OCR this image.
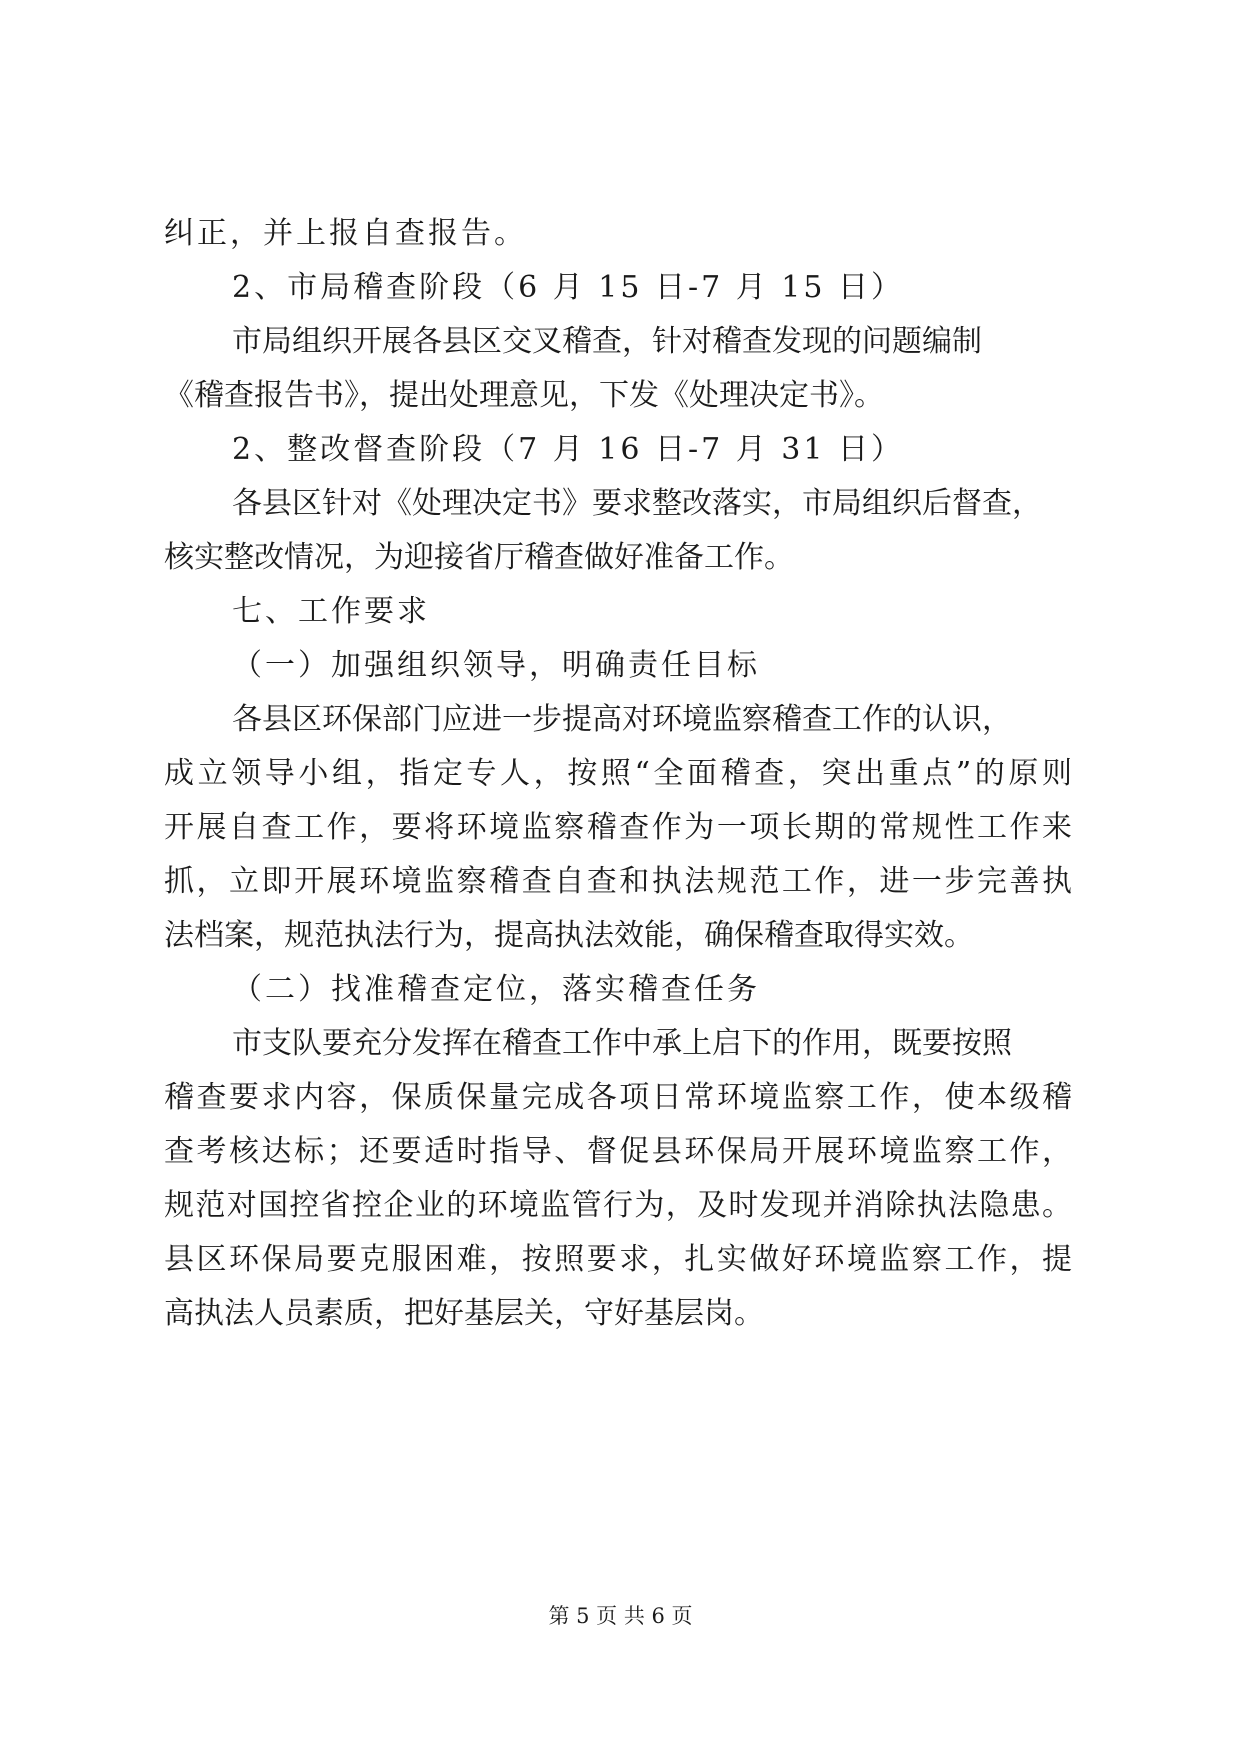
纠正，并上报自查报告。
2、市局稽查阶段（6 月 15 日-7 月 15 日）
市局组织开展各县区交叉稽查，针对稽查发现的问题编制
《稽查报告书》，提出处理意见，下发《处理决定书》。
2、整改督查阶段（7 月 16 日-7 月 31 日）
各县区针对《处理决定书》要求整改落实，市局组织后督查，
核实整改情况，为迎接省厅稽查做好准备工作。
七、工作要求
（一）加强组织领导，明确责任目标
各县区环保部门应进一步提高对环境监察稽查工作的认识，
成立领导小组，指定专人，按照“全面稽查，突出重点”的原则
开展自查工作，要将环境监察稽查作为一项长期的常规性工作来
抓，立即开展环境监察稽查自查和执法规范工作，进一步完善执
法档案，规范执法行为，提高执法效能，确保稽查取得实效。
（二）找准稽查定位，落实稽查任务
市支队要充分发挥在稽查工作中承上启下的作用，既要按照
稽查要求内容，保质保量完成各项日常环境监察工作，使本级稽
查考核达标；还要适时指导、督促县环保局开展环境监察工作，
规范对国控省控企业的环境监管行为，及时发现并消除执法隐患。
县区环保局要克服困难，按照要求，扎实做好环境监察工作，提
高执法人员素质，把好基层关，守好基层岗。
第 5 页 共 6 页
